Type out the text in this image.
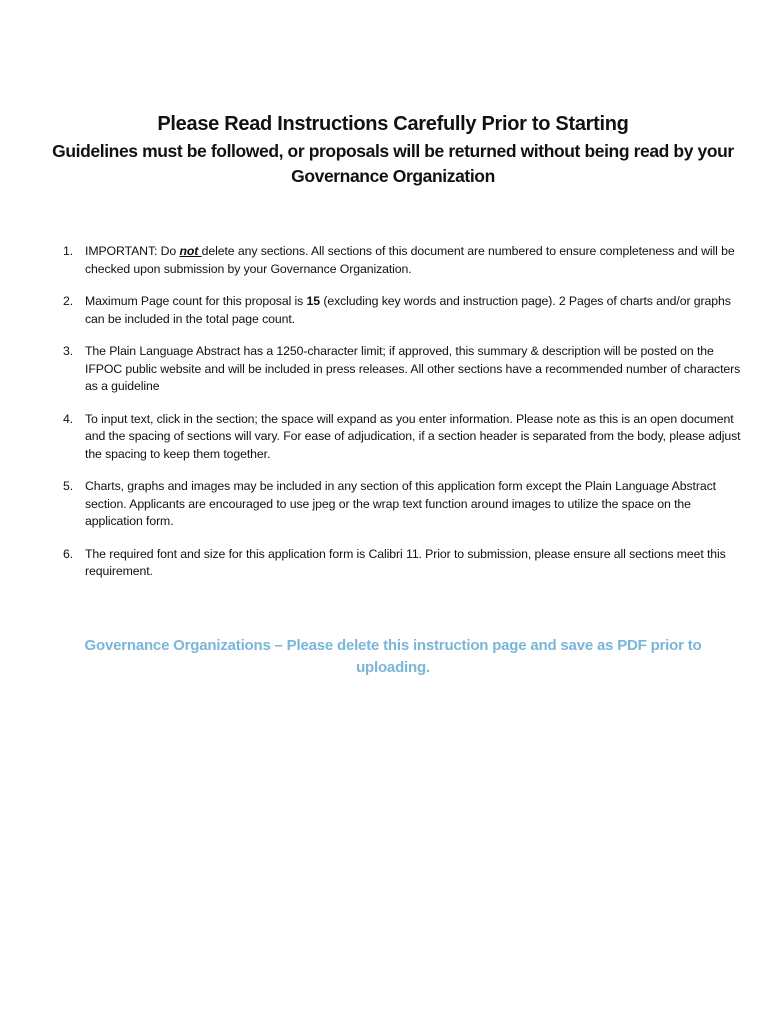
Please Read Instructions Carefully Prior to Starting
Guidelines must be followed, or proposals will be returned without being read by your Governance Organization
1. IMPORTANT: Do not delete any sections. All sections of this document are numbered to ensure completeness and will be checked upon submission by your Governance Organization.
2. Maximum Page count for this proposal is 15 (excluding key words and instruction page). 2 Pages of charts and/or graphs can be included in the total page count.
3. The Plain Language Abstract has a 1250-character limit; if approved, this summary & description will be posted on the IFPOC public website and will be included in press releases. All other sections have a recommended number of characters as a guideline
4. To input text, click in the section; the space will expand as you enter information. Please note as this is an open document and the spacing of sections will vary. For ease of adjudication, if a section header is separated from the body, please adjust the spacing to keep them together.
5. Charts, graphs and images may be included in any section of this application form except the Plain Language Abstract section. Applicants are encouraged to use jpeg or the wrap text function around images to utilize the space on the application form.
6. The required font and size for this application form is Calibri 11. Prior to submission, please ensure all sections meet this requirement.

Governance Organizations – Please delete this instruction page and save as PDF prior to uploading.
